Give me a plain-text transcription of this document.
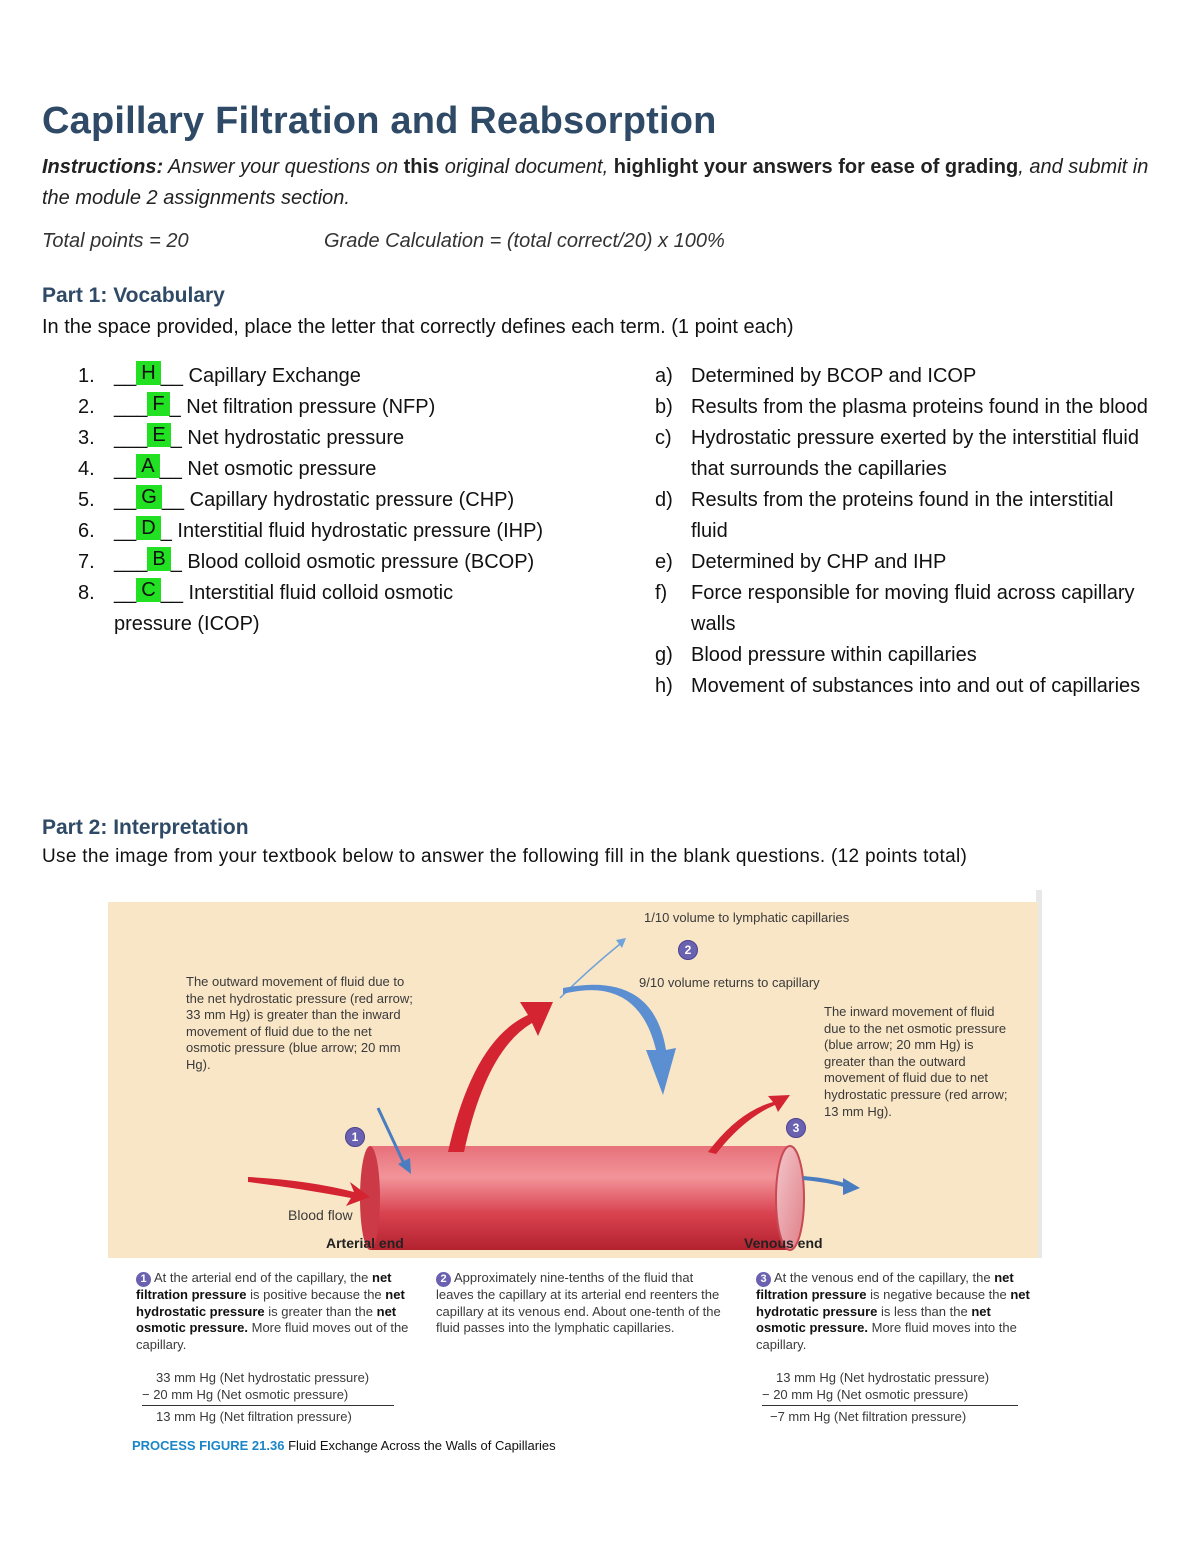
Capillary Filtration and Reabsorption
Instructions: Answer your questions on this original document, highlight your answers for ease of grading, and submit in the module 2 assignments section.
Total points = 20	Grade Calculation = (total correct/20) x 100%
Part 1: Vocabulary
In the space provided, place the letter that correctly defines each term. (1 point each)
1. __ H __ Capillary Exchange
2. ___ F _ Net filtration pressure (NFP)
3. ___ E _ Net hydrostatic pressure
4. __ A __ Net osmotic pressure
5. __ G __ Capillary hydrostatic pressure (CHP)
6. __ D _ Interstitial fluid hydrostatic pressure (IHP)
7. ___ B _ Blood colloid osmotic pressure (BCOP)
8. __ C __ Interstitial fluid colloid osmotic
pressure (ICOP)
a) Determined by BCOP and ICOP
b) Results from the plasma proteins found in the blood
c) Hydrostatic pressure exerted by the interstitial fluid that surrounds the capillaries
d) Results from the proteins found in the interstitial fluid
e) Determined by CHP and IHP
f) Force responsible for moving fluid across capillary walls
g) Blood pressure within capillaries
h) Movement of substances into and out of capillaries
Part 2: Interpretation
Use the image from your textbook below to answer the following fill in the blank questions. (12 points total)
1/10 volume to lymphatic capillaries
2
9/10 volume returns to capillary
The outward movement of fluid due to the net hydrostatic pressure (red arrow; 33 mm Hg) is greater than the inward movement of fluid due to the net osmotic pressure (blue arrow; 20 mm Hg).
1
The inward movement of fluid due to the net osmotic pressure (blue arrow; 20 mm Hg) is greater than the outward movement of fluid due to net hydrostatic pressure (red arrow; 13 mm Hg).
3
Blood flow
Arterial end	Venous end
1 At the arterial end of the capillary, the net filtration pressure is positive because the net hydrostatic pressure is greater than the net osmotic pressure. More fluid moves out of the capillary.
2 Approximately nine-tenths of the fluid that leaves the capillary at its arterial end reenters the capillary at its venous end. About one-tenth of the fluid passes into the lymphatic capillaries.
3 At the venous end of the capillary, the net filtration pressure is negative because the net hydrotatic pressure is less than the net osmotic pressure. More fluid moves into the capillary.
33 mm Hg (Net hydrostatic pressure)
− 20 mm Hg (Net osmotic pressure)
13 mm Hg (Net filtration pressure)
13 mm Hg (Net hydrostatic pressure)
− 20 mm Hg (Net osmotic pressure)
−7 mm Hg (Net filtration pressure)
PROCESS FIGURE 21.36 Fluid Exchange Across the Walls of Capillaries
